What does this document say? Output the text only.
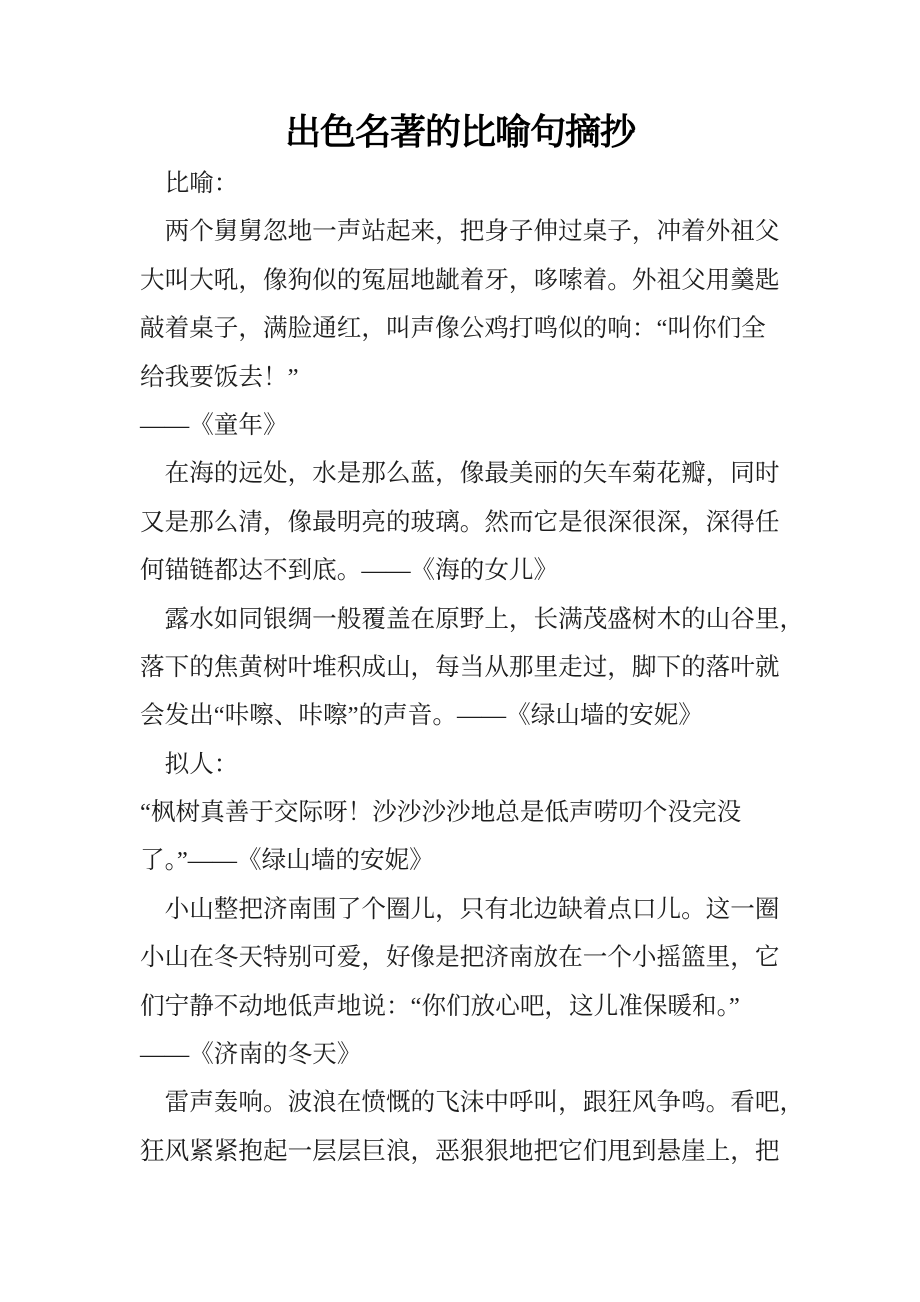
出色名著的比喻句摘抄

比喻：

两个舅舅忽地一声站起来，把身子伸过桌子，冲着外祖父
大叫大吼，像狗似的冤屈地龇着牙，哆嗦着。外祖父用羹匙
敲着桌子，满脸通红，叫声像公鸡打鸣似的响：“叫你们全
给我要饭去！”

——《童年》

在海的远处，水是那么蓝，像最美丽的矢车菊花瓣，同时
又是那么清，像最明亮的玻璃。然而它是很深很深，深得任
何锚链都达不到底。——《海的女儿》

露水如同银绸一般覆盖在原野上，长满茂盛树木的山谷里，
落下的焦黄树叶堆积成山，每当从那里走过，脚下的落叶就
会发出“咔嚓、咔嚓”的声音。——《绿山墙的安妮》

拟人：

“枫树真善于交际呀！沙沙沙沙地总是低声唠叨个没完没
了。”——《绿山墙的安妮》

小山整把济南围了个圈儿，只有北边缺着点口儿。这一圈
小山在冬天特别可爱，好像是把济南放在一个小摇篮里，它
们宁静不动地低声地说：“你们放心吧，这儿准保暖和。”

——《济南的冬天》

雷声轰响。波浪在愤慨的飞沫中呼叫，跟狂风争鸣。看吧，
狂风紧紧抱起一层层巨浪，恶狠狠地把它们甩到悬崖上，把
